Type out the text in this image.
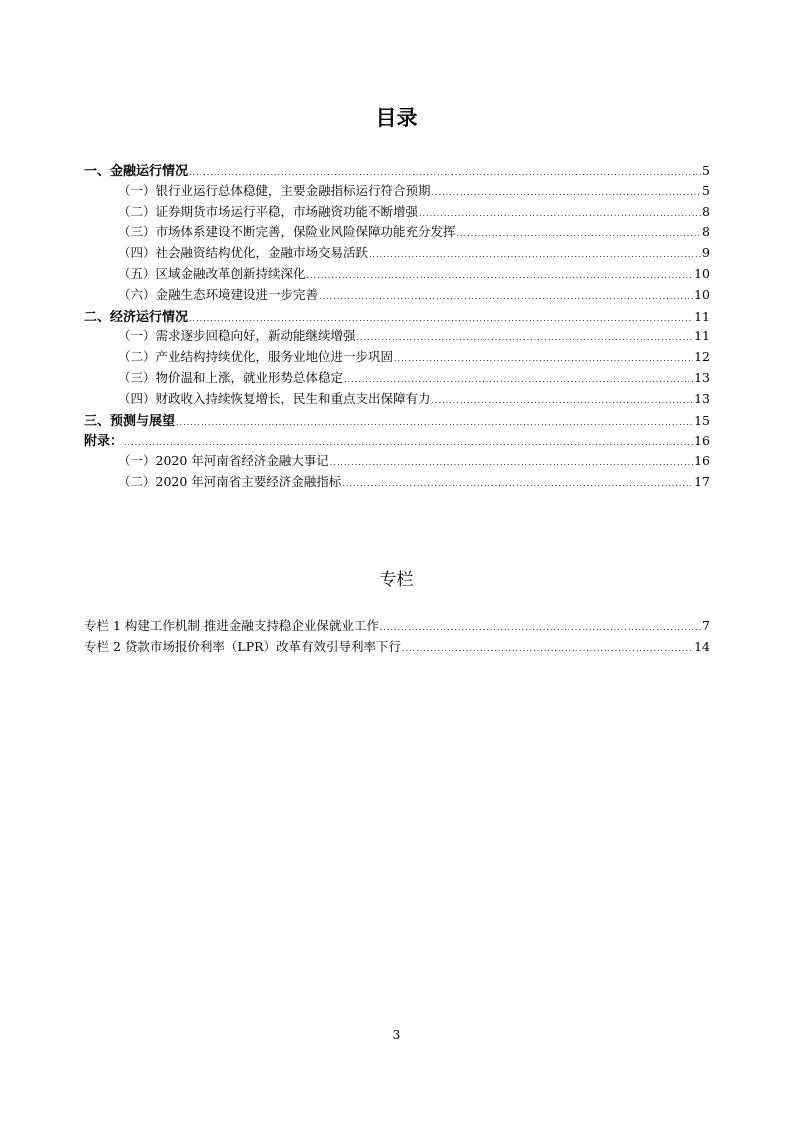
目录
一、金融运行情况 .....	5
（一）银行业运行总体稳健，主要金融指标运行符合预期 .....	5
（二）证券期货市场运行平稳，市场融资功能不断增强 .....	8
（三）市场体系建设不断完善，保险业风险保障功能充分发挥 .....	8
（四）社会融资结构优化，金融市场交易活跃 .....	9
（五）区域金融改革创新持续深化 .....	10
（六）金融生态环境建设进一步完善 .....	10
二、经济运行情况 .....	11
（一）需求逐步回稳向好，新动能继续增强 .....	11
（二）产业结构持续优化，服务业地位进一步巩固 .....	12
（三）物价温和上涨，就业形势总体稳定 .....	13
（四）财政收入持续恢复增长，民生和重点支出保障有力 .....	13
三、预测与展望 .....	15
附录： .....	16
（一）2020 年河南省经济金融大事记 .....	16
（二）2020 年河南省主要经济金融指标 .....	17
专栏
专栏 1 构建工作机制 推进金融支持稳企业保就业工作 .....	7
专栏 2 贷款市场报价利率（LPR）改革有效引导利率下行 .....	14
3
